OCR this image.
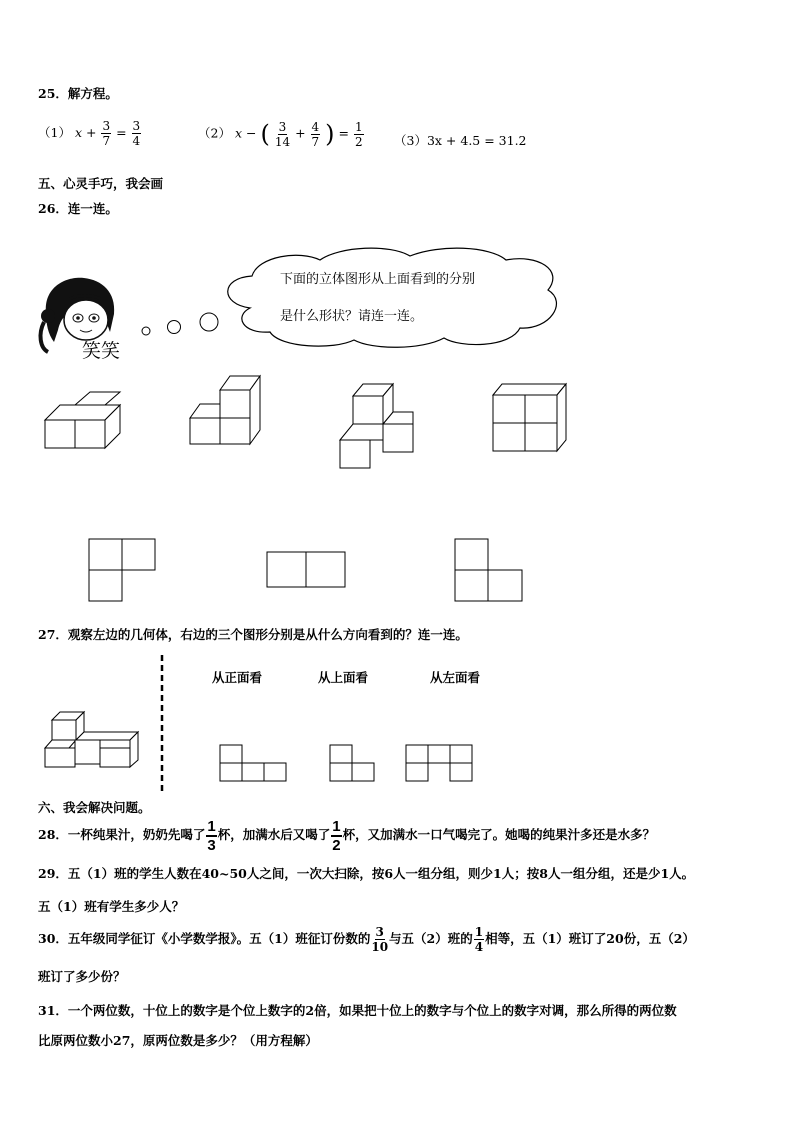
25．解方程。
（1） $x + \frac{3}{7} = \frac{3}{4}$	（2） x − ( $\frac{3}{14} + \frac{4}{7}$ ) = $\frac{1}{2} (3)3x + 4.5 = 31.2$
五、心灵手巧，我会画
26．连一连。
笑笑
下面的立体图形从上面看到的分别
是什么形状？请连一连。
27．观察左边的几何体，右边的三个图形分别是从什么方向看到的？连一连。
从正面看	从上面看	从左面看
六、我会解决问题。
28．一杯纯果汁，奶奶先喝了 $\frac{1}{3}$ 杯，加满水后又喝了 $\frac{1}{2}$ 杯，又加满水一口气喝完了。她喝的纯果汁多还是水多？
29．五（1）班的学生人数在40~50人之间，一次大扫除，按6人一组分组，则少1人；按8人一组分组，还是少1人。
五（1）班有学生多少人？
30．五年级同学征订《小学数学报》。五（1）班征订份数的 $\frac{3}{10}$ 与五（2）班的 $\frac{1}{4}$ 相等，五（1）班订了20份，五（2）
班订了多少份？
31．一个两位数，十位上的数字是个位上数字的2倍，如果把十位上的数字与个位上的数字对调，那么所得的两位数
比原两位数小27，原两位数是多少？（用方程解）
